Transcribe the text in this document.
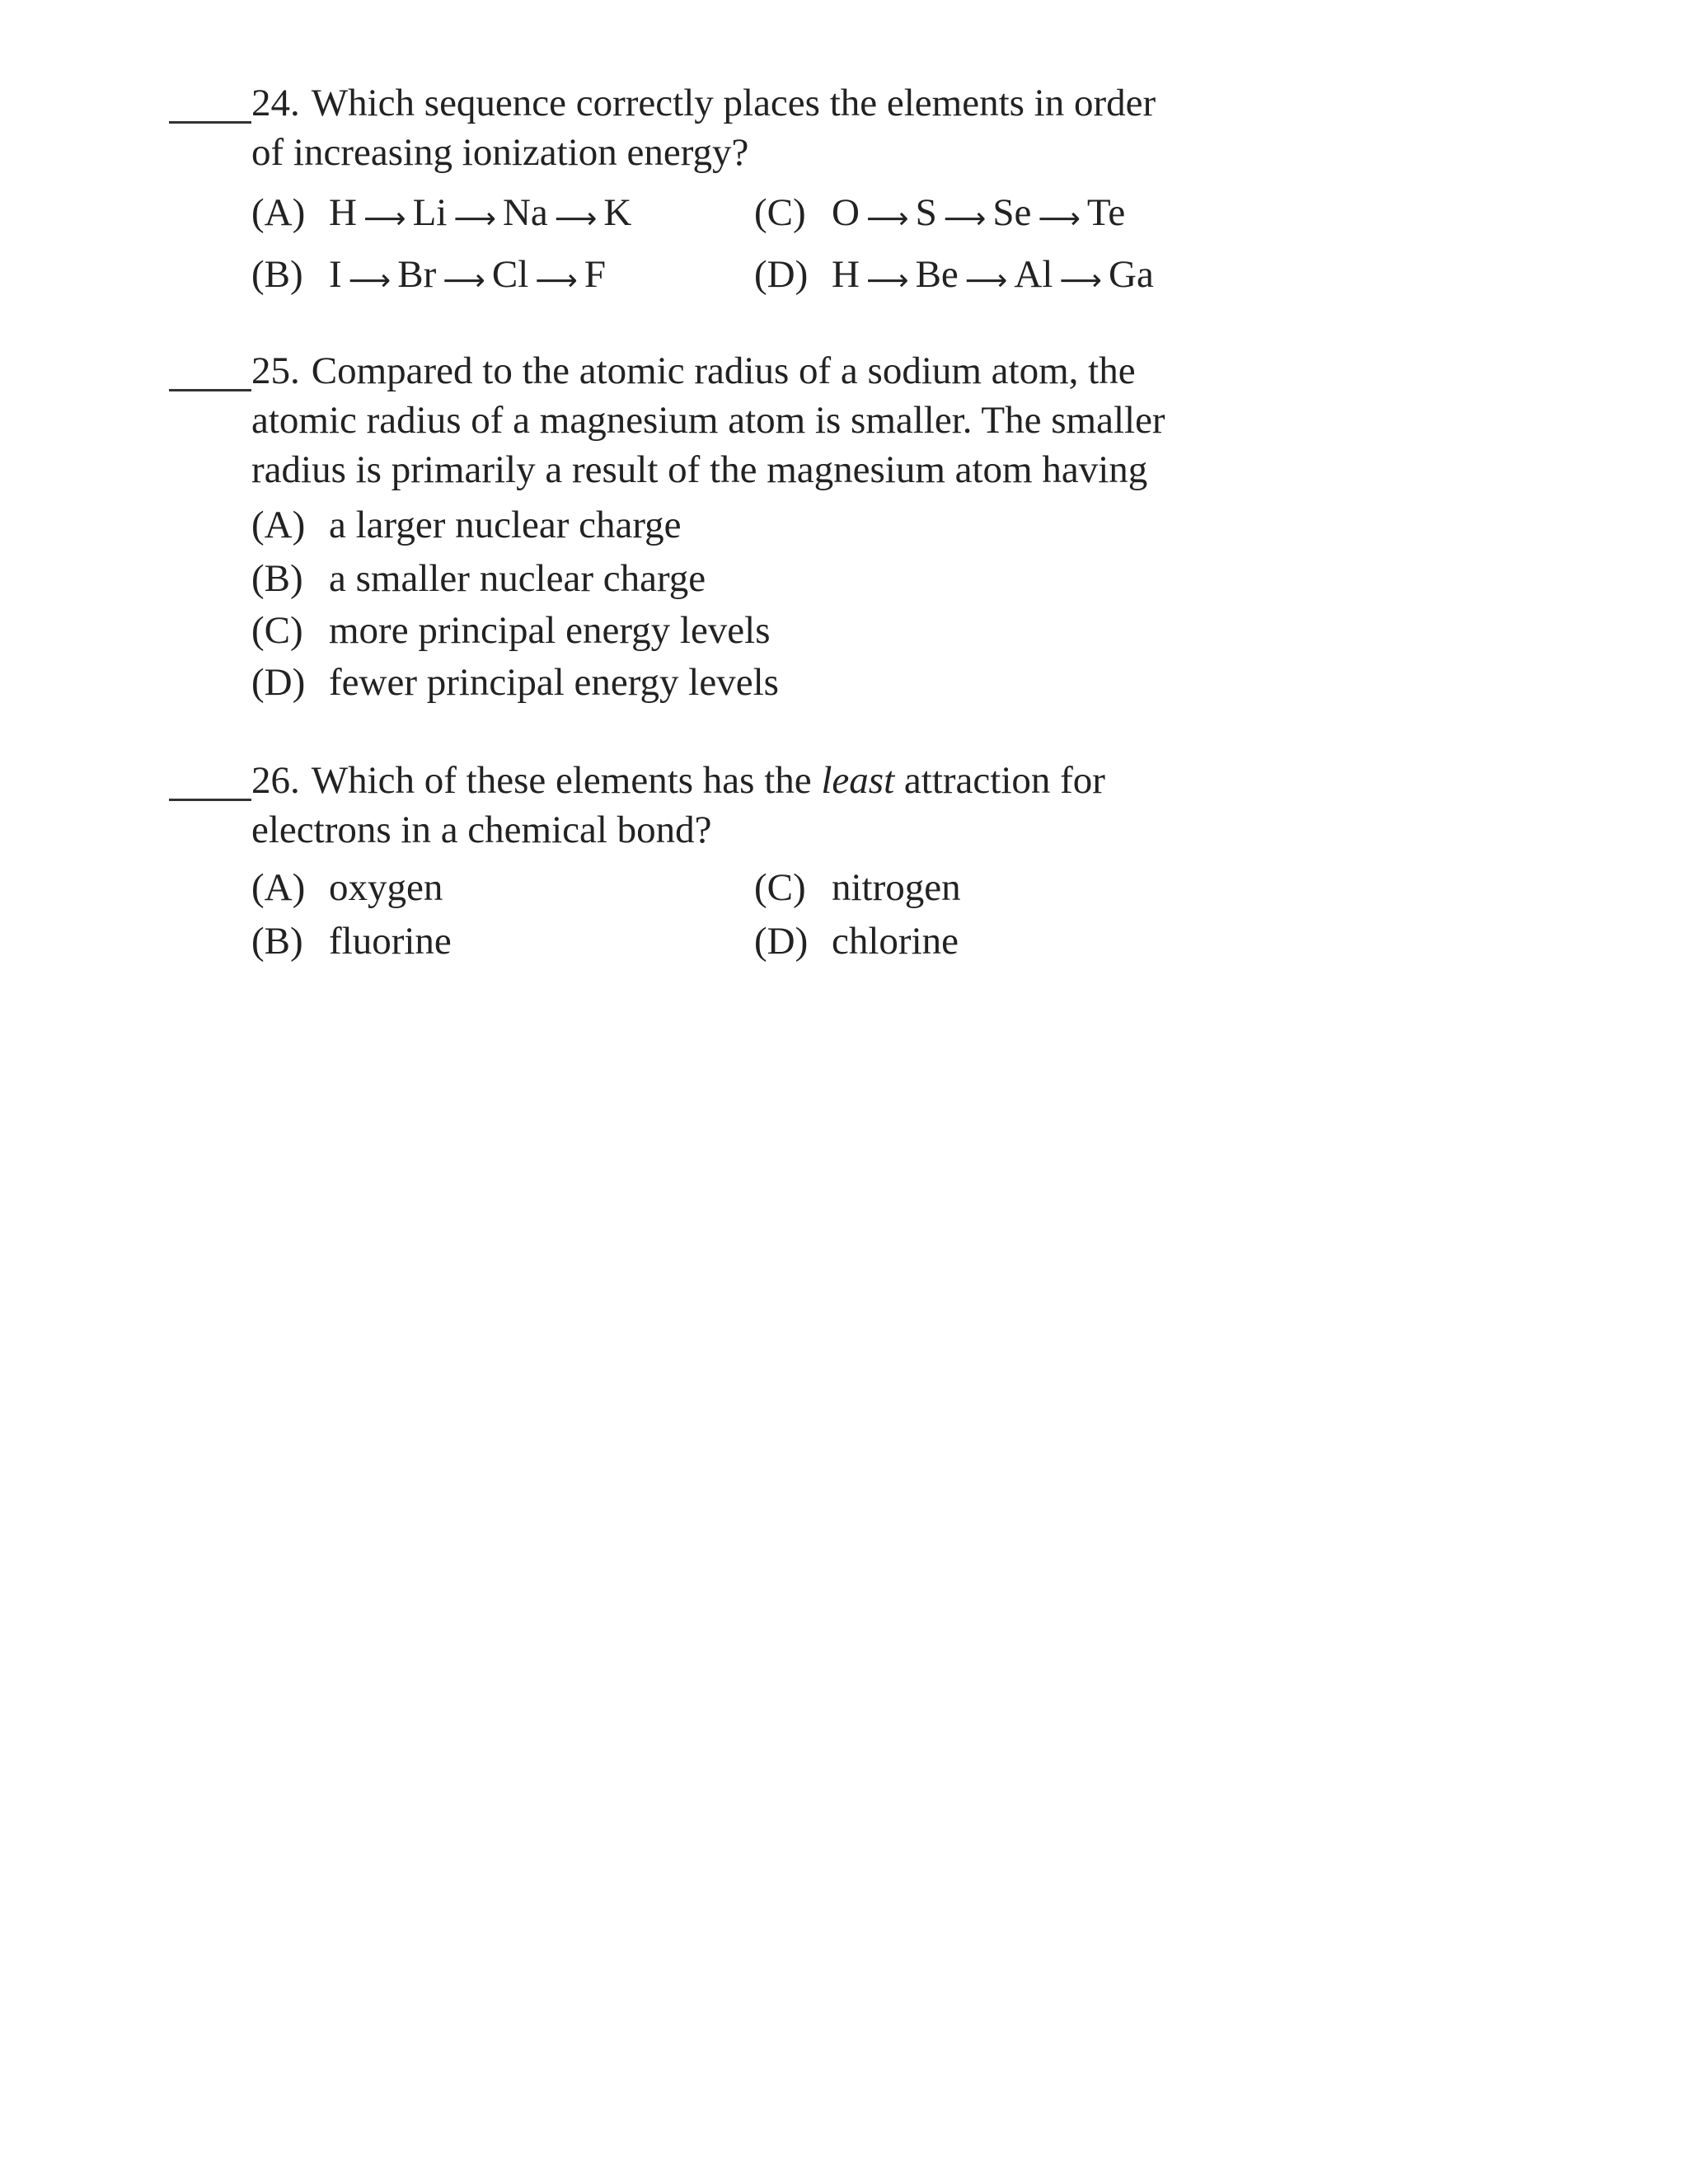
24. Which sequence correctly places the elements in order
of increasing ionization energy?
(A) H ⟶ Li ⟶ Na ⟶ K	(C) O ⟶ S ⟶ Se ⟶ Te
(B) I ⟶ Br ⟶ Cl ⟶ F	(D) H ⟶ Be ⟶ Al ⟶ Ga
25. Compared to the atomic radius of a sodium atom, the
atomic radius of a magnesium atom is smaller. The smaller
radius is primarily a result of the magnesium atom having
(A) a larger nuclear charge
(B) a smaller nuclear charge
(C) more principal energy levels
(D) fewer principal energy levels
26. Which of these elements has the least attraction for
electrons in a chemical bond?
(A) oxygen	(C) nitrogen
(B) fluorine	(D) chlorine
